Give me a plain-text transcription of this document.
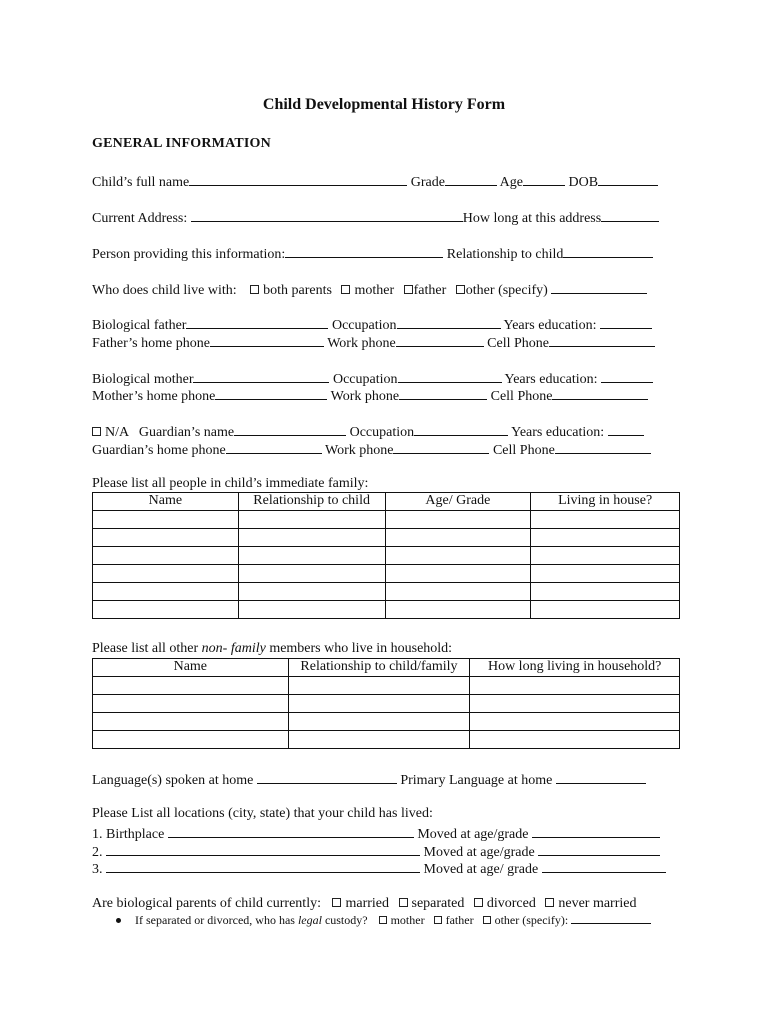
Child Developmental History Form
GENERAL INFORMATION
Child’s full name	Grade	Age	DOB
Current Address:	How long at this address
Person providing this information:	Relationship to child
Who does child live with: both parents mother father other (specify)
Biological father	Occupation	Years education:
Father’s home phone	Work phone	Cell Phone
Biological mother	Occupation	Years education:
Mother’s home phone	Work phone	Cell Phone
N/A Guardian’s name	Occupation	Years education:
Guardian’s home phone	Work phone	Cell Phone
Please list all people in child’s immediate family:
Name	Relationship to child	Age/ Grade	Living in house?

Please list all other non- family members who live in household:
Name	Relationship to child/family	How long living in household?

Language(s) spoken at home	Primary Language at home
Please List all locations (city, state) that your child has lived:
1. Birthplace	Moved at age/grade
2.	Moved at age/grade
3.	Moved at age/ grade
Are biological parents of child currently: married separated divorced never married
If separated or divorced, who has legal custody? mother father other (specify):
